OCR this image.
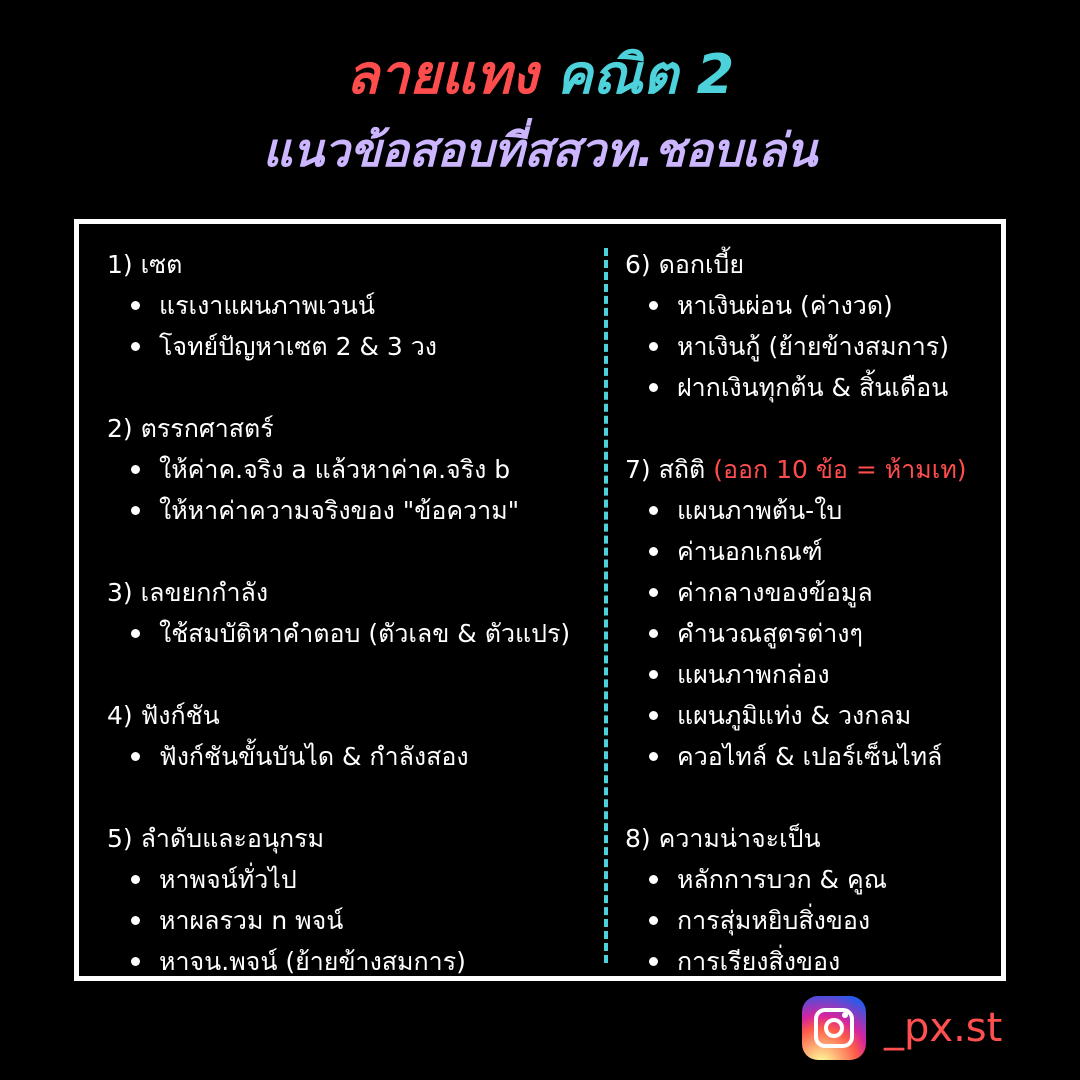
ลายแทง คณิต 2
แนวข้อสอบที่สสวท.ชอบเล่น
1) เซต
แรเงาแผนภาพเวนน์
โจทย์ปัญหาเซต 2 & 3 วง
2) ตรรกศาสตร์
ให้ค่าค.จริง a แล้วหาค่าค.จริง b
ให้หาค่าความจริงของ "ข้อความ"
3) เลขยกกำลัง
ใช้สมบัติหาคำตอบ (ตัวเลข & ตัวแปร)
4) ฟังก์ชัน
ฟังก์ชันขั้นบันได & กำลังสอง
5) ลำดับและอนุกรม
หาพจน์ทั่วไป
หาผลรวม n พจน์
หาจน.พจน์ (ย้ายข้างสมการ)
6) ดอกเบี้ย
หาเงินผ่อน (ค่างวด)
หาเงินกู้ (ย้ายข้างสมการ)
ฝากเงินทุกต้น & สิ้นเดือน
7) สถิติ (ออก 10 ข้อ = ห้ามเท)
แผนภาพต้น-ใบ
ค่านอกเกณฑ์
ค่ากลางของข้อมูล
คำนวณสูตรต่างๆ
แผนภาพกล่อง
แผนภูมิแท่ง & วงกลม
ควอไทล์ & เปอร์เซ็นไทล์
8) ความน่าจะเป็น
หลักการบวก & คูณ
การสุ่มหยิบสิ่งของ
การเรียงสิ่งของ
_px.st
